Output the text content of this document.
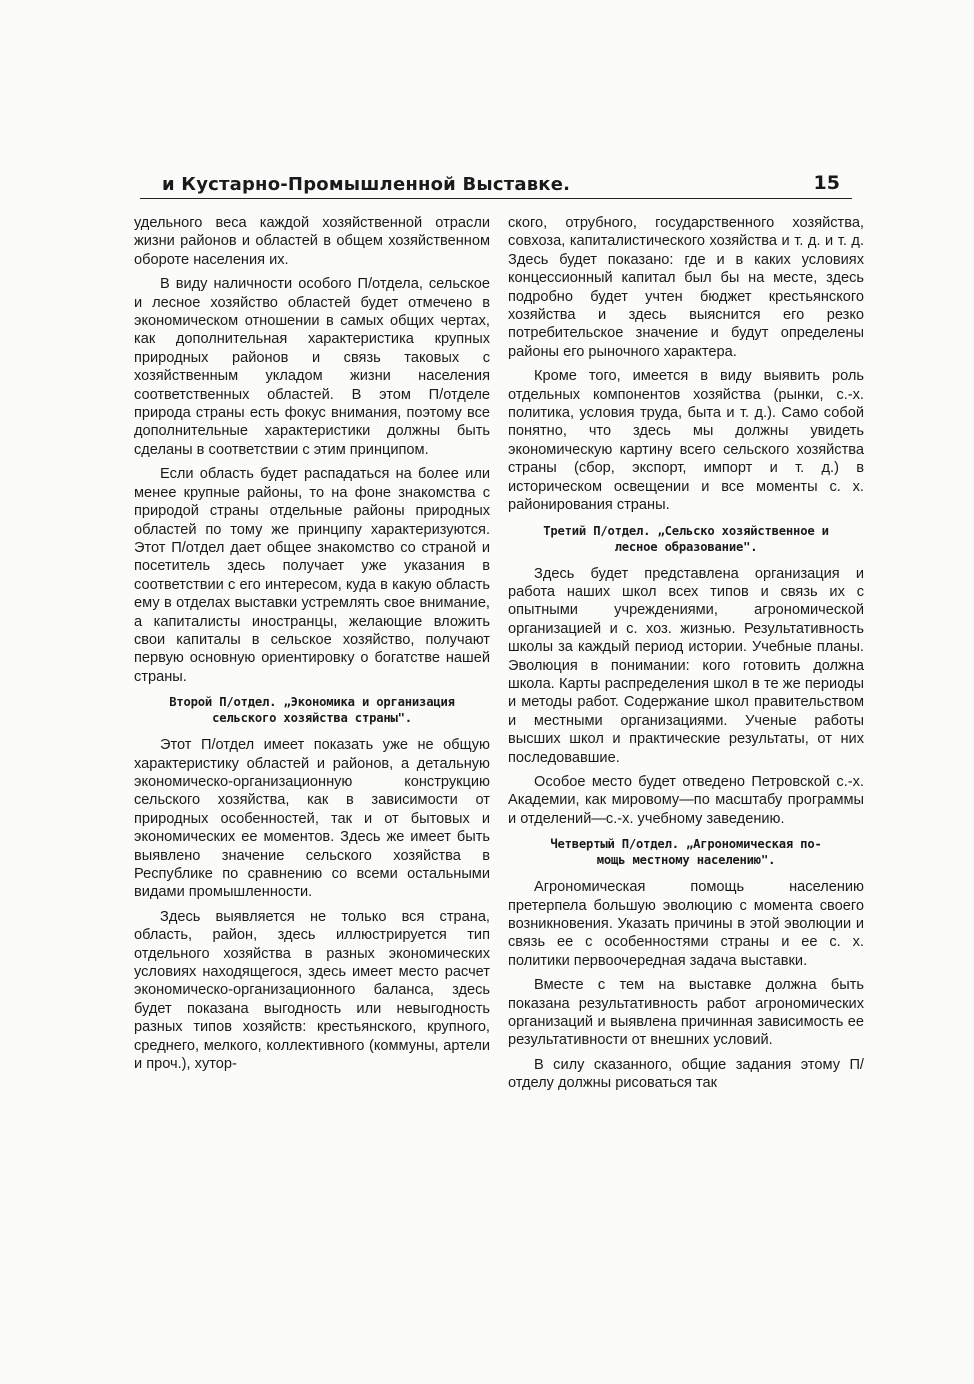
и Кустарно-Промышленной Выставке.	15

удельного веса каждой хозяйственной отрасли жизни районов и областей в общем хозяйственном обороте населения их.

В виду наличности особого П/отдела, сельское и лесное хозяйство областей будет отмечено в экономическом отношении в самых общих чертах, как дополнительная характеристика крупных природных районов и связь таковых с хозяйственным укладом жизни населения соответственных областей. В этом П/отделе природа страны есть фокус внимания, поэтому все дополнительные характеристики должны быть сделаны в соответствии с этим принципом.

Если область будет распадаться на более или менее крупные районы, то на фоне знакомства с природой страны отдельные районы природных областей по тому же принципу характеризуются. Этот П/отдел дает общее знакомство со страной и посетитель здесь получает уже указания в соответствии с его интересом, куда в какую область ему в отделах выставки устремлять свое внимание, а капиталисты иностранцы, желающие вложить свои капиталы в сельское хозяйство, получают первую основную ориентировку о богатстве нашей страны.

Второй П/отдел. „Экономика и организация
сельского хозяйства страны".

Этот П/отдел имеет показать уже не общую характеристику областей и районов, а детальную экономическо-организационную конструкцию сельского хозяйства, как в зависимости от природных особенностей, так и от бытовых и экономических ее моментов. Здесь же имеет быть выявлено значение сельского хозяйства в Республике по сравнению со всеми остальными видами промышленности.

Здесь выявляется не только вся страна, область, район, здесь иллюстрируется тип отдельного хозяйства в разных экономических условиях находящегося, здесь имеет место расчет экономическо-организационного баланса, здесь будет показана выгодность или невыгодность разных типов хозяйств: крестьянского, крупного, среднего, мелкого, коллективного (коммуны, артели и проч.), хутор-

ского, отрубного, государственного хозяйства, совхоза, капиталистического хозяйства и т. д. и т. д. Здесь будет показано: где и в каких условиях концессионный капитал был бы на месте, здесь подробно будет учтен бюджет крестьянского хозяйства и здесь выяснится его резко потребительское значение и будут определены районы его рыночного характера.

Кроме того, имеется в виду выявить роль отдельных компонентов хозяйства (рынки, с.-х. политика, условия труда, быта и т. д.). Само собой понятно, что здесь мы должны увидеть экономическую картину всего сельского хозяйства страны (сбор, экспорт, импорт и т. д.) в историческом освещении и все моменты с. х. районирования страны.

Третий П/отдел. „Сельско хозяйственное и
лесное образование".

Здесь будет представлена организация и работа наших школ всех типов и связь их с опытными учреждениями, агрономической организацией и с. хоз. жизнью. Результативность школы за каждый период истории. Учебные планы. Эволюция в понимании: кого готовить должна школа. Карты распределения школ в те же периоды и методы работ. Содержание школ правительством и местными организациями. Ученые работы высших школ и практические результаты, от них последовавшие.

Особое место будет отведено Петровской с.-х. Академии, как мировому—по масштабу программы и отделений—с.-х. учебному заведению.

Четвертый П/отдел. „Агрономическая по-
мощь местному населению".

Агрономическая помощь населению претерпела большую эволюцию с момента своего возникновения. Указать причины в этой эволюции и связь ее с особенностями страны и ее с. х. политики первоочередная задача выставки.

Вместе с тем на выставке должна быть показана результативность работ агрономических организаций и выявлена причинная зависимость ее результативности от внешних условий.

В силу сказанного, общие задания этому П/отделу должны рисоваться так
